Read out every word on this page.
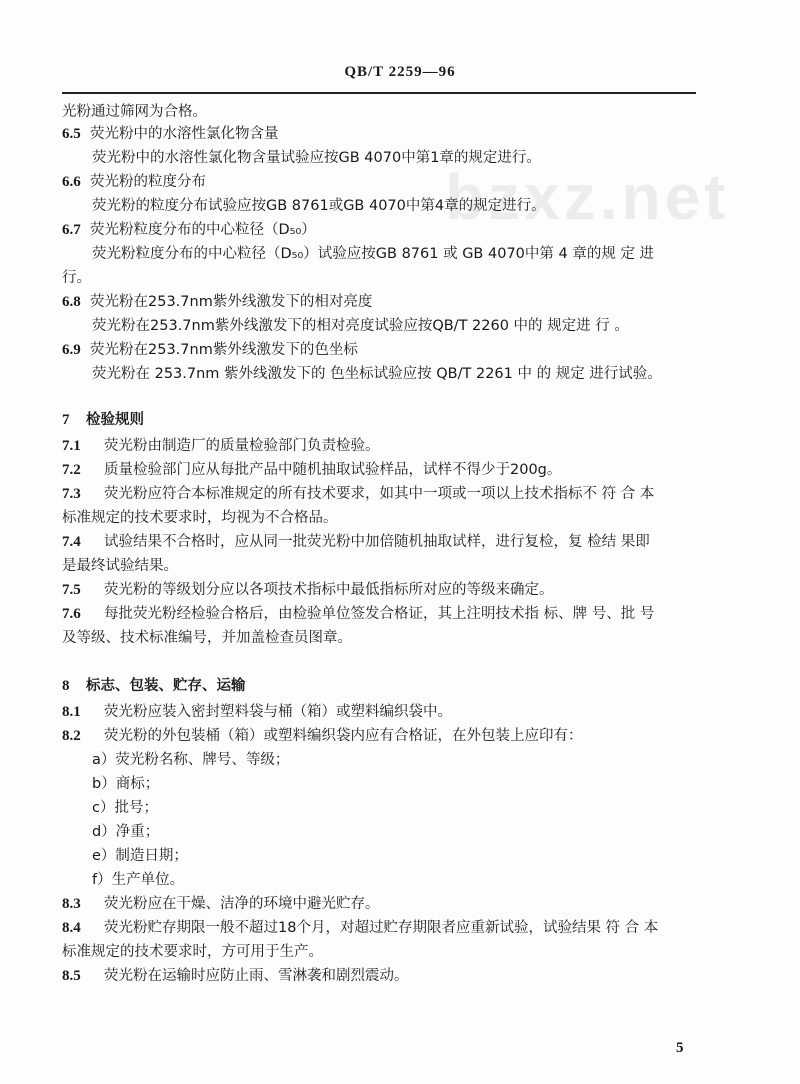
bzxz.net
QB/T 2259—96
光粉通过筛网为合格。
6.5 荧光粉中的水溶性氯化物含量
荧光粉中的水溶性氯化物含量试验应按GB 4070中第1章的规定进行。
6.6 荧光粉的粒度分布
荧光粉的粒度分布试验应按GB 8761或GB 4070中第4章的规定进行。
6.7 荧光粉粒度分布的中心粒径（D₅₀）
荧光粉粒度分布的中心粒径（D₅₀）试验应按GB 8761 或 GB 4070中第 4 章的规 定 进
行。
6.8 荧光粉在253.7nm紫外线激发下的相对亮度
荧光粉在253.7nm紫外线激发下的相对亮度试验应按QB/T 2260 中的 规定进 行 。
6.9 荧光粉在253.7nm紫外线激发下的色坐标
荧光粉在 253.7nm 紫外线激发下的 色坐标试验应按 QB/T 2261 中 的 规定 进行试验。
7 检验规则
7.1 荧光粉由制造厂的质量检验部门负责检验。
7.2 质量检验部门应从每批产品中随机抽取试验样品，试样不得少于200g。
7.3 荧光粉应符合本标准规定的所有技术要求，如其中一项或一项以上技术指标不 符 合 本
标准规定的技术要求时，均视为不合格品。
7.4 试验结果不合格时，应从同一批荧光粉中加倍随机抽取试样，进行复检，复 检结 果即
是最终试验结果。
7.5 荧光粉的等级划分应以各项技术指标中最低指标所对应的等级来确定。
7.6 每批荧光粉经检验合格后，由检验单位签发合格证，其上注明技术指 标、牌 号、批 号
及等级、技术标准编号，并加盖检查员图章。
8 标志、包装、贮存、运输
8.1 荧光粉应装入密封塑料袋与桶（箱）或塑料编织袋中。
8.2 荧光粉的外包装桶（箱）或塑料编织袋内应有合格证，在外包装上应印有：
a）荧光粉名称、牌号、等级；
b）商标；
c）批号；
d）净重；
e）制造日期；
f）生产单位。
8.3 荧光粉应在干燥、洁净的环境中避光贮存。
8.4 荧光粉贮存期限一般不超过18个月，对超过贮存期限者应重新试验，试验结果 符 合 本
标准规定的技术要求时，方可用于生产。
8.5 荧光粉在运输时应防止雨、雪淋袭和剧烈震动。
5
